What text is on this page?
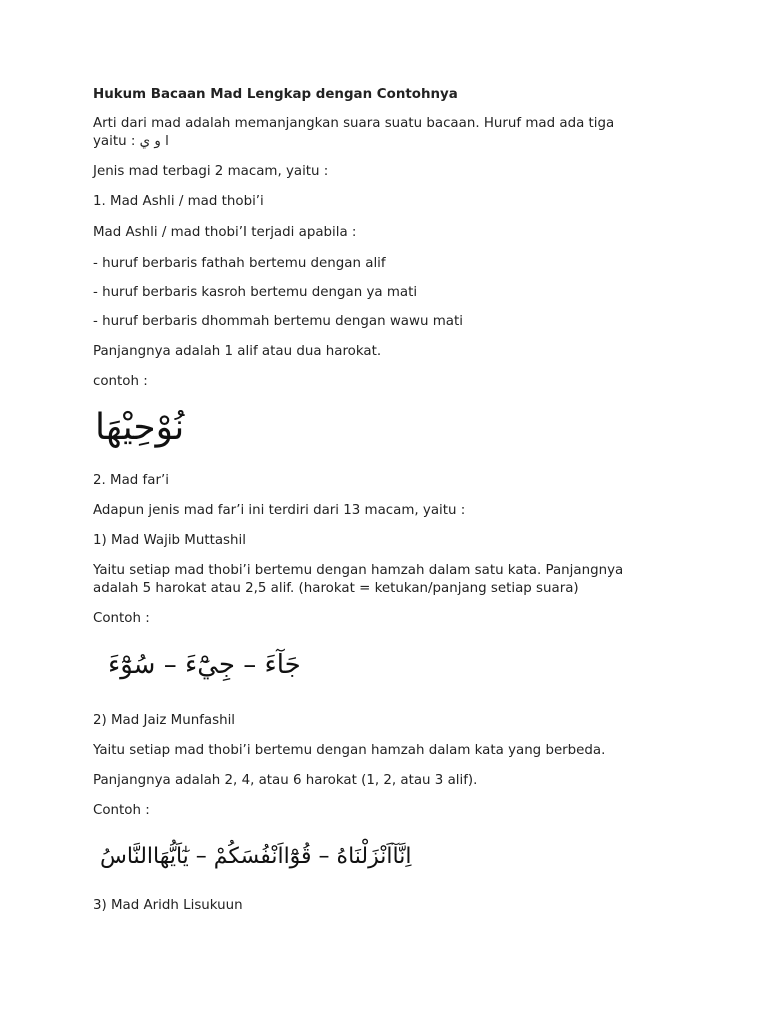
Hukum Bacaan Mad Lengkap dengan Contohnya
Arti dari mad adalah memanjangkan suara suatu bacaan. Huruf mad ada tiga
yaitu : ا و ي
Jenis mad terbagi 2 macam, yaitu :
1. Mad Ashli / mad thobi’i
Mad Ashli / mad thobi’I terjadi apabila :
- huruf berbaris fathah bertemu dengan alif
- huruf berbaris kasroh bertemu dengan ya mati
- huruf berbaris dhommah bertemu dengan wawu mati
Panjangnya adalah 1 alif atau dua harokat.
contoh :
نُوْحِيْهَا
2. Mad far’i
Adapun jenis mad far’i ini terdiri dari 13 macam, yaitu :
1) Mad Wajib Muttashil
Yaitu setiap mad thobi’i bertemu dengan hamzah dalam satu kata. Panjangnya
adalah 5 harokat atau 2,5 alif. (harokat = ketukan/panjang setiap suara)
Contoh :
جَآءَ – جِيْٓءَ – سُوْٓءَ
2) Mad Jaiz Munfashil
Yaitu setiap mad thobi’i bertemu dengan hamzah dalam kata yang berbeda.
Panjangnya adalah 2, 4, atau 6 harokat (1, 2, atau 3 alif).
Contoh :
اِنَّآاَنْزَلْنَاهُ – قُوْٓااَنْفُسَكُمْ – يٰٓاَيُّهَاالنَّاسُ
3) Mad Aridh Lisukuun
